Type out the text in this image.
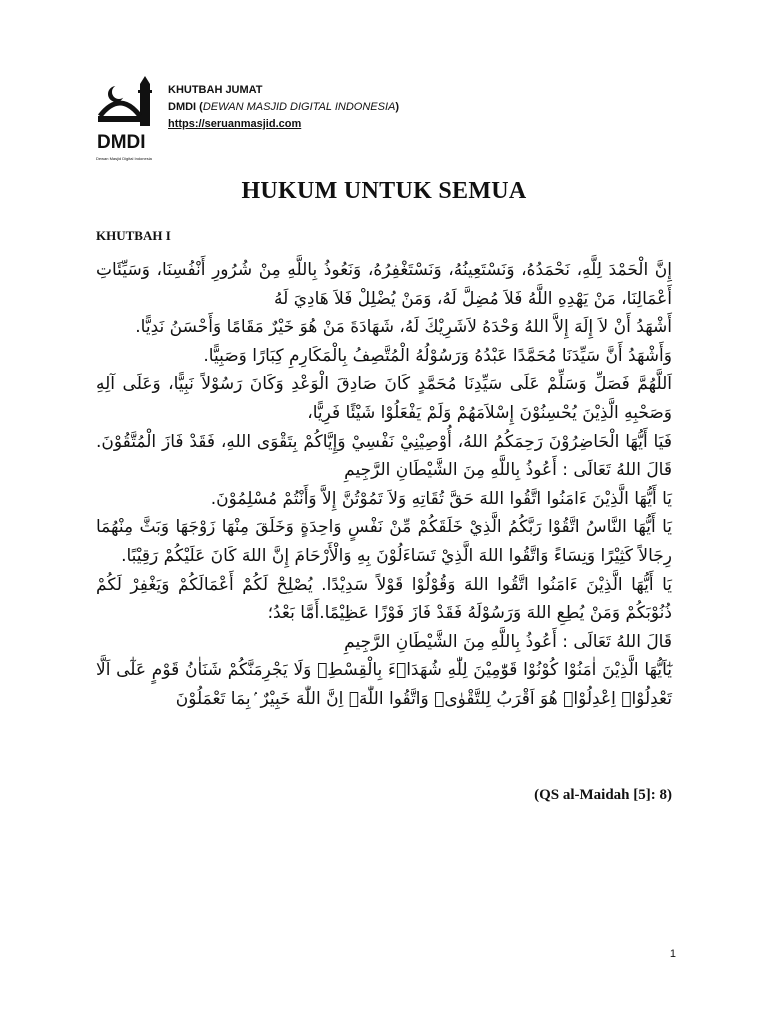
DMDI
Dewan Masjid Digital Indonesia
KHUTBAH JUMAT
DMDI (DEWAN MASJID DIGITAL INDONESIA)
https://seruanmasjid.com
HUKUM UNTUK SEMUA
KHUTBAH I

إِنَّ الْحَمْدَ لِلَّهِ، نَحْمَدُهُ، وَنَسْتَعِينُهُ، وَنَسْتَغْفِرُهُ، وَنَعُوذُ بِاللَّهِ مِنْ شُرُورِ أَنْفُسِنَا، وَسَيِّئَاتِ أَعْمَالِنَا، مَنْ يَهْدِهِ اللَّهُ فَلاَ مُضِلَّ لَهُ، وَمَنْ يُضْلِلْ فَلاَ هَادِيَ لَهُ

أَشْهَدُ أَنْ لاَ إِلَهَ إِلاَّ اللهُ وَحْدَهُ لاَشَرِيْكَ لَهُ، شَهَادَةَ مَنْ هُوَ خَيْرٌ مَقَامًا وَأَحْسَنُ نَدِيًّا.

وَأَشْهَدُ أَنَّ سَيِّدَنَا مُحَمَّدًا عَبْدُهُ وَرَسُوْلُهُ الْمُتَّصِفُ بِالْمَكَارِمِ كِبَارًا وَصَبِيًّا.

اَللَّهُمَّ فَصَلِّ وَسَلِّمْ عَلَى سَيِّدِنَا مُحَمَّدٍ كَانَ صَادِقَ الْوَعْدِ وَكَانَ رَسُوْلاً نَبِيًّا، وَعَلَى آلِهِ وَصَحْبِهِ الَّذِيْنَ يُحْسِنُوْنَ إِسْلاَمَهُمْ وَلَمْ يَفْعَلُوْا شَيْئًا فَرِيًّا،

فَيَا أَيُّهَا الْحَاضِرُوْنَ رَحِمَكُمُ اللهُ، أُوْصِيْنِيْ نَفْسِيْ وَإِيَّاكُمْ بِتَقْوَى اللهِ، فَقَدْ فَازَ الْمُتَّقُوْنَ. قَالَ اللهُ تَعَالَى : أَعُوذُ بِاللَّهِ مِنَ الشَّيْطَانِ الرَّجِيمِ

يَا أَيُّهَا الَّذِيْنَ ءَامَنُوا اتَّقُوا اللهَ حَقَّ تُقَاتِهِ وَلاَ تَمُوْتُنَّ إِلاَّ وَأَنْتُمْ مُسْلِمُوْنَ.

يَا أَيُّهَا النَّاسُ اتَّقُوْا رَبَّكُمُ الَّذِيْ خَلَقَكُمْ مِّنْ نَفْسٍ وَاحِدَةٍ وَخَلَقَ مِنْهَا زَوْجَهَا وَبَثَّ مِنْهُمَا رِجَالاً كَثِيْرًا وَنِسَاءً وَاتَّقُوا اللهَ الَّذِيْ تَسَاءَلُوْنَ بِهِ وَالْأَرْحَامَ إِنَّ اللهَ كَانَ عَلَيْكُمْ رَقِيْبًا.

يَا أَيُّهَا الَّذِيْنَ ءَامَنُوا اتَّقُوا اللهَ وَقُوْلُوْا قَوْلاً سَدِيْدًا. يُصْلِحْ لَكُمْ أَعْمَالَكُمْ وَيَغْفِرْ لَكُمْ ذُنُوْبَكُمْ وَمَنْ يُطِعِ اللهَ وَرَسُوْلَهُ فَقَدْ فَازَ فَوْزًا عَظِيْمًا.أَمَّا بَعْدُ؛

قَالَ اللهُ تَعَالَى : أَعُوذُ بِاللَّهِ مِنَ الشَّيْطَانِ الرَّجِيمِ

يٰٓاَيُّهَا الَّذِيْنَ اٰمَنُوْا كُوْنُوْا قَوّٰمِيْنَ لِلّٰهِ شُهَدَاۤءَ بِالْقِسْطِۖ وَلَا يَجْرِمَنَّكُمْ شَنَاٰنُ قَوْمٍ عَلٰٓى اَلَّا تَعْدِلُوْاۗ اِعْدِلُوْاۗ هُوَ اَقْرَبُ لِلتَّقْوٰىۖ وَاتَّقُوا اللّٰهَۗ اِنَّ اللّٰهَ خَبِيْرٌ ۢبِمَا تَعْمَلُوْنَ

(QS al-Maidah [5]: 8)
1
